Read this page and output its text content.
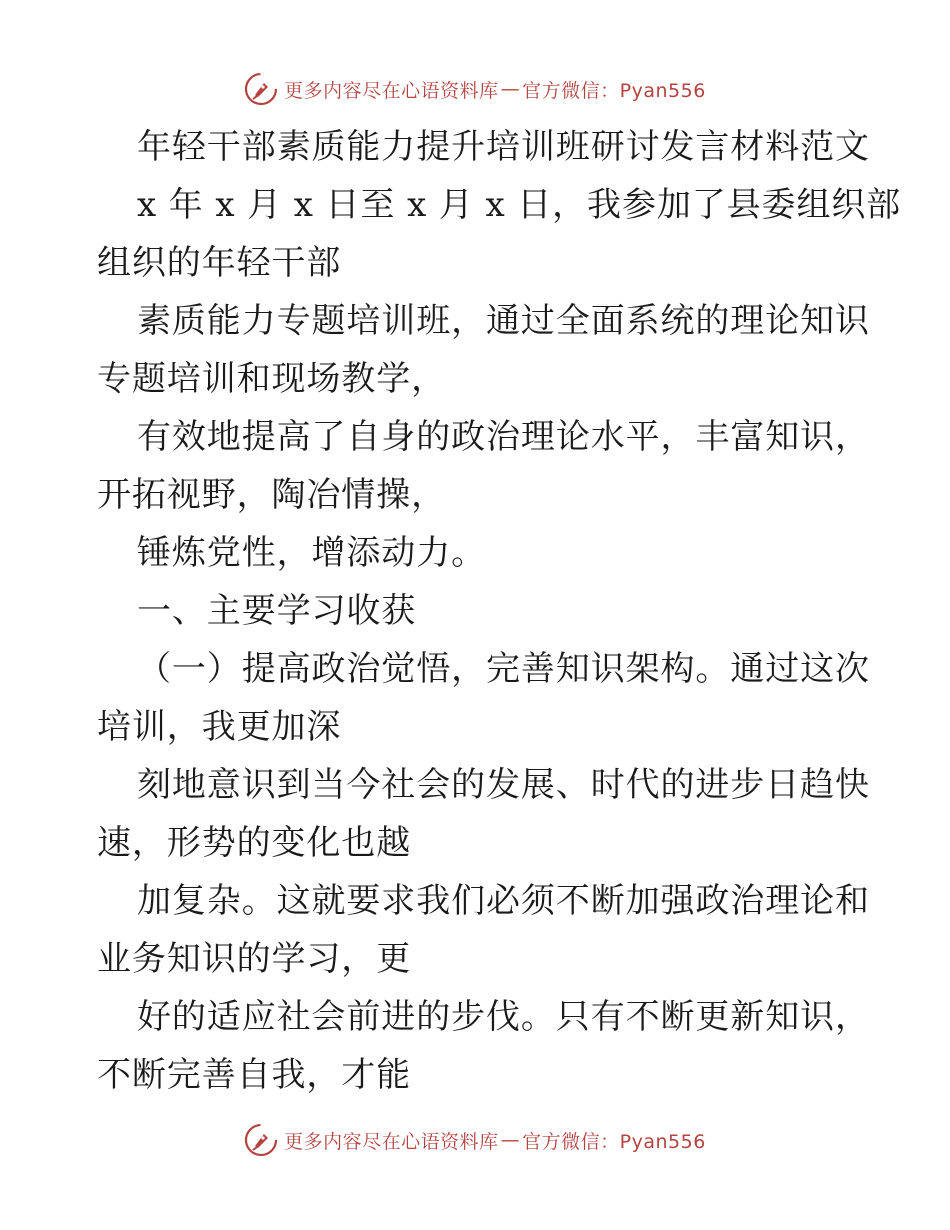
更多内容尽在心语资料库 — 官方微信：Pyan556
年轻干部素质能力提升培训班研讨发言材料范文
x 年 x 月 x 日至 x 月 x 日，我参加了县委组织部
组织的年轻干部
素质能力专题培训班，通过全面系统的理论知识
专题培训和现场教学，
有效地提高了自身的政治理论水平，丰富知识，
开拓视野，陶冶情操，
锤炼党性，增添动力。
一、主要学习收获
（一）提高政治觉悟，完善知识架构。通过这次
培训，我更加深
刻地意识到当今社会的发展、时代的进步日趋快
速，形势的变化也越
加复杂。这就要求我们必须不断加强政治理论和
业务知识的学习，更
好的适应社会前进的步伐。只有不断更新知识，
不断完善自我，才能
更多内容尽在心语资料库 — 官方微信：Pyan556
